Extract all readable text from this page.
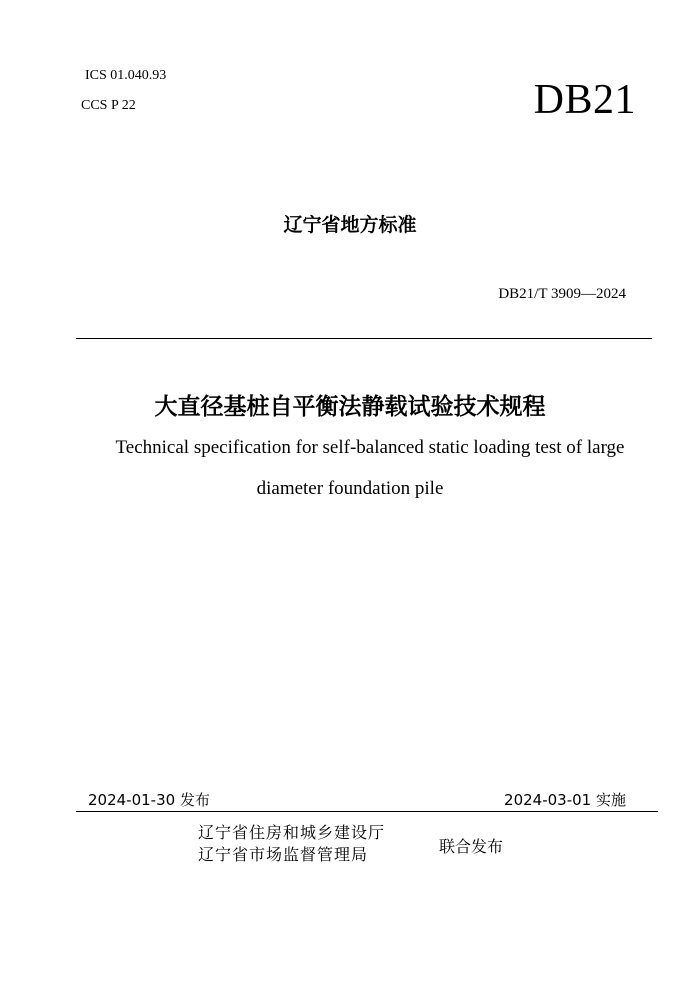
ICS 01.040.93
CCS P 22	DB21
辽宁省地方标准
DB21/T 3909—2024
大直径基桩自平衡法静载试验技术规程
Technical specification for self-balanced static loading test of large
diameter foundation pile
2024-01-30 发布	2024-03-01 实施
辽宁省住房和城乡建设厅
辽宁省市场监督管理局	联合发布
